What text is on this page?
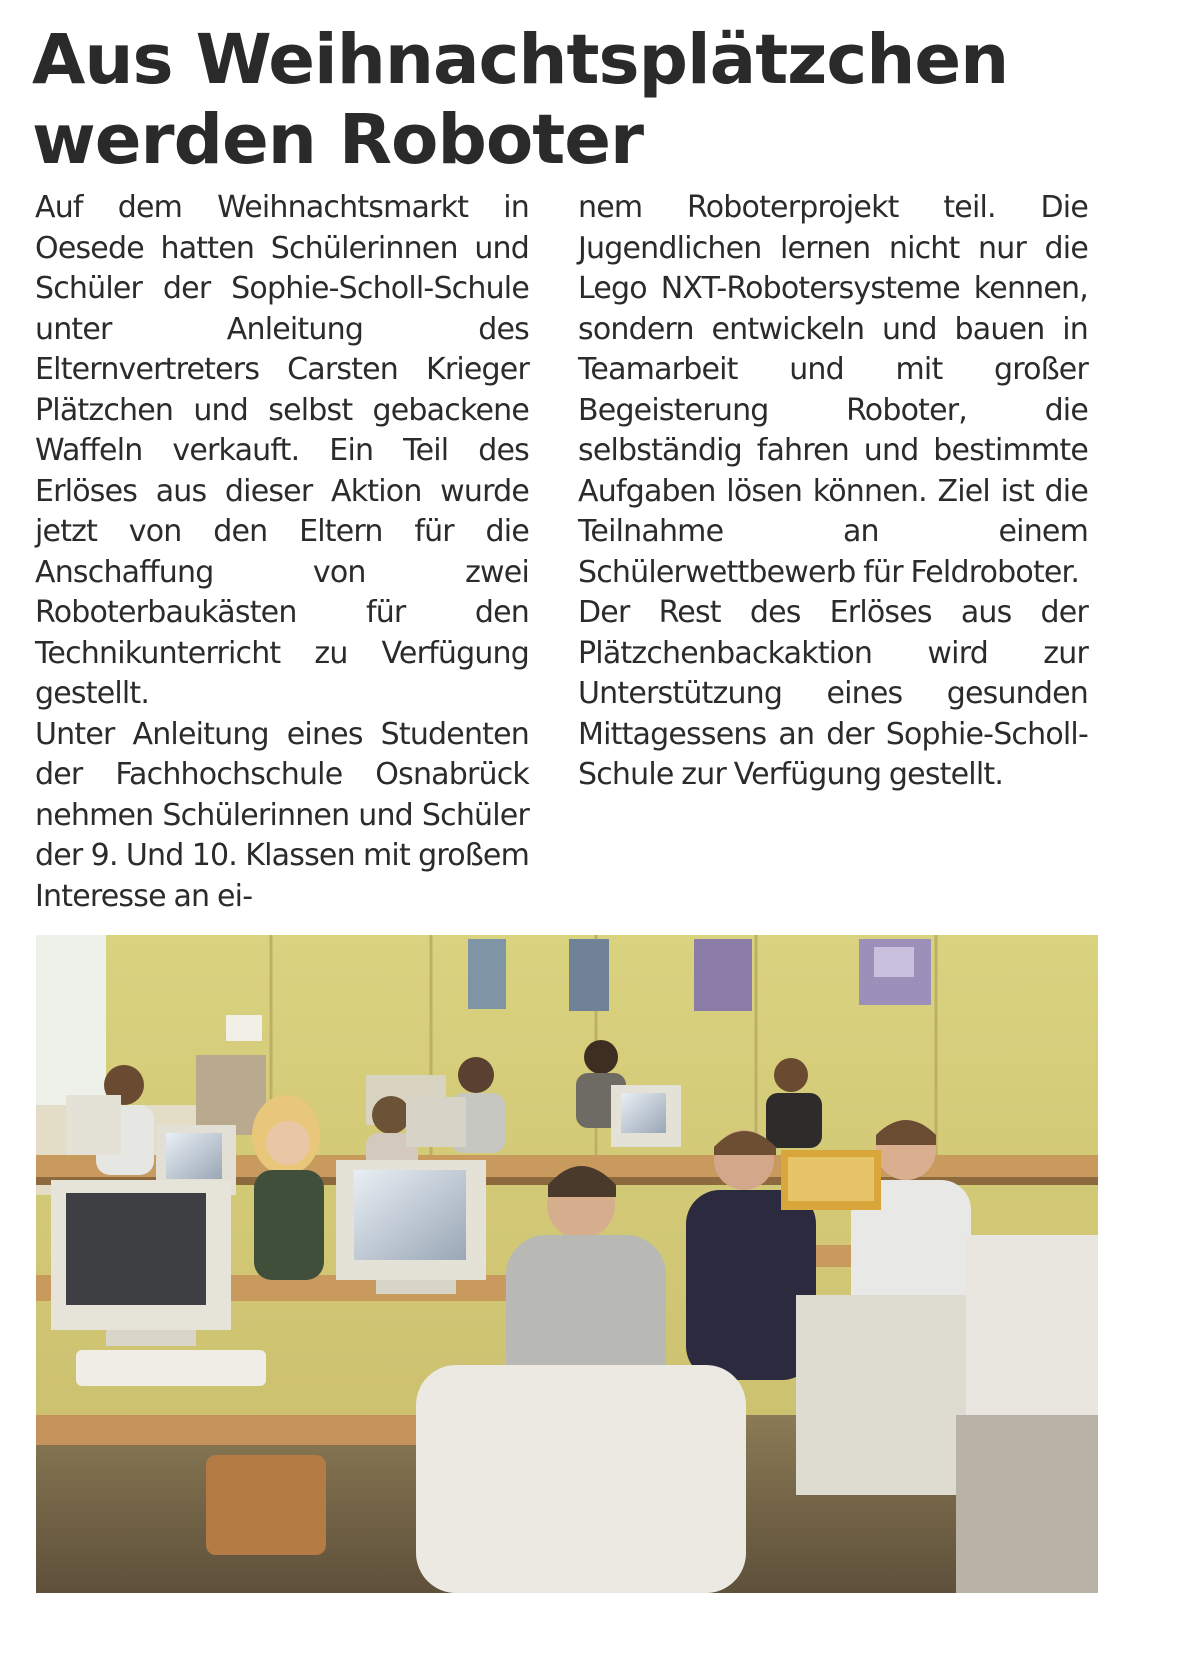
Aus Weihnachtsplätzchen
werden Roboter

Auf dem Weihnachtsmarkt in Oesede hatten Schülerinnen und Schüler der Sophie-Scholl-Schule unter Anleitung des Elternvertreters Carsten Krieger Plätzchen und selbst gebackene Waffeln verkauft. Ein Teil des Erlöses aus dieser Aktion wurde jetzt von den Eltern für die Anschaffung von zwei Roboterbaukästen für den Technikunterricht zu Verfügung gestellt.

Unter Anleitung eines Studenten der Fachhochschule Osnabrück nehmen Schülerinnen und Schüler der 9. Und 10. Klassen mit großem Interesse an ei-

nem Roboterprojekt teil. Die Jugendlichen lernen nicht nur die Lego NXT-Robotersysteme kennen, sondern entwickeln und bauen in Teamarbeit und mit großer Begeisterung Roboter, die selbständig fahren und bestimmte Aufgaben lösen können. Ziel ist die Teilnahme an einem Schülerwettbewerb für Feldroboter.

Der Rest des Erlöses aus der Plätzchenbackaktion wird zur Unterstützung eines gesunden Mittagessens an der Sophie-Scholl-Schule zur Verfügung gestellt.
